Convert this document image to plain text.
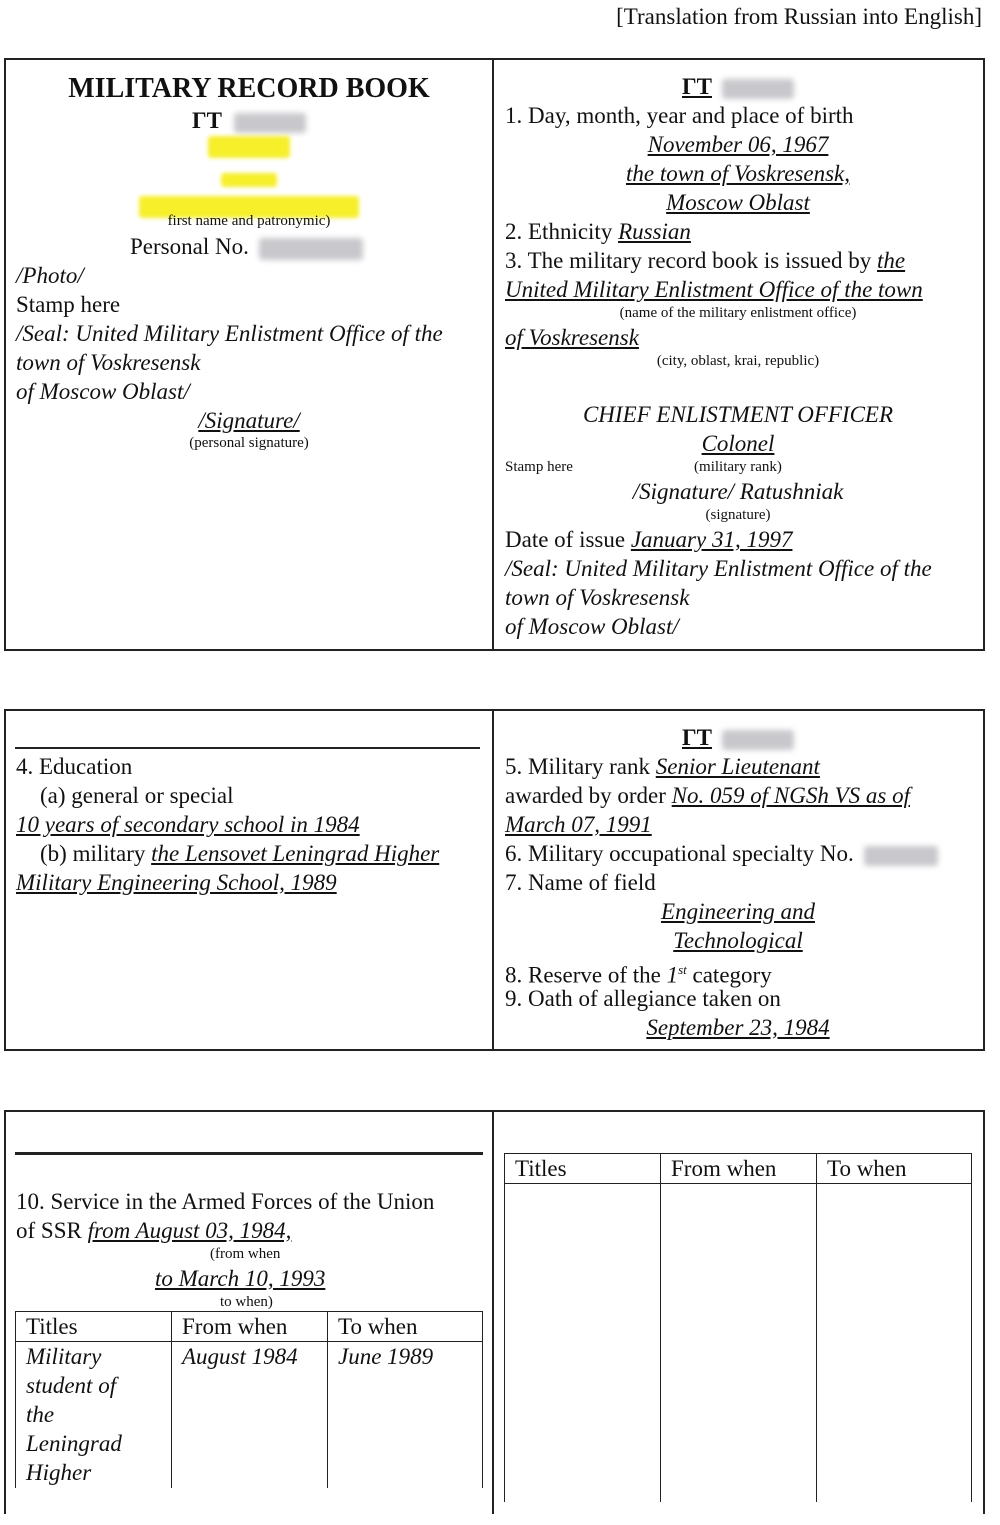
[Translation from Russian into English]
MILITARY RECORD BOOK
ГТ

first name and patronymic)
Personal No.
/Photo/
Stamp here
/Seal: United Military Enlistment Office of the
town of Voskresensk
of Moscow Oblast/
/Signature/
(personal signature)
ГТ
1. Day, month, year and place of birth
November 06, 1967
the town of Voskresensk,
Moscow Oblast
2. Ethnicity Russian
3. The military record book is issued by the
United Military Enlistment Office of the town
(name of the military enlistment office)
of Voskresensk
(city, oblast, krai, republic)
CHIEF ENLISTMENT OFFICER
Colonel
Stamp here	(military rank)
/Signature/ Ratushniak
(signature)
Date of issue January 31, 1997
/Seal: United Military Enlistment Office of the
town of Voskresensk
of Moscow Oblast/
4. Education
(a) general or special
10 years of secondary school in 1984
(b) military the Lensovet Leningrad Higher
Military Engineering School, 1989
ГТ
5. Military rank Senior Lieutenant
awarded by order No. 059 of NGSh VS as of
March 07, 1991
6. Military occupational specialty No.
7. Name of field
Engineering and
Technological
8. Reserve of the 1st category
9. Oath of allegiance taken on
September 23, 1984
10. Service in the Armed Forces of the Union
of SSR from August 03, 1984,
(from when
to March 10, 1993
to when)
Titles	From when	To when

Military
student of
the
Leningrad
Higher	August 1984	June 1989
Titles	From when	To when
